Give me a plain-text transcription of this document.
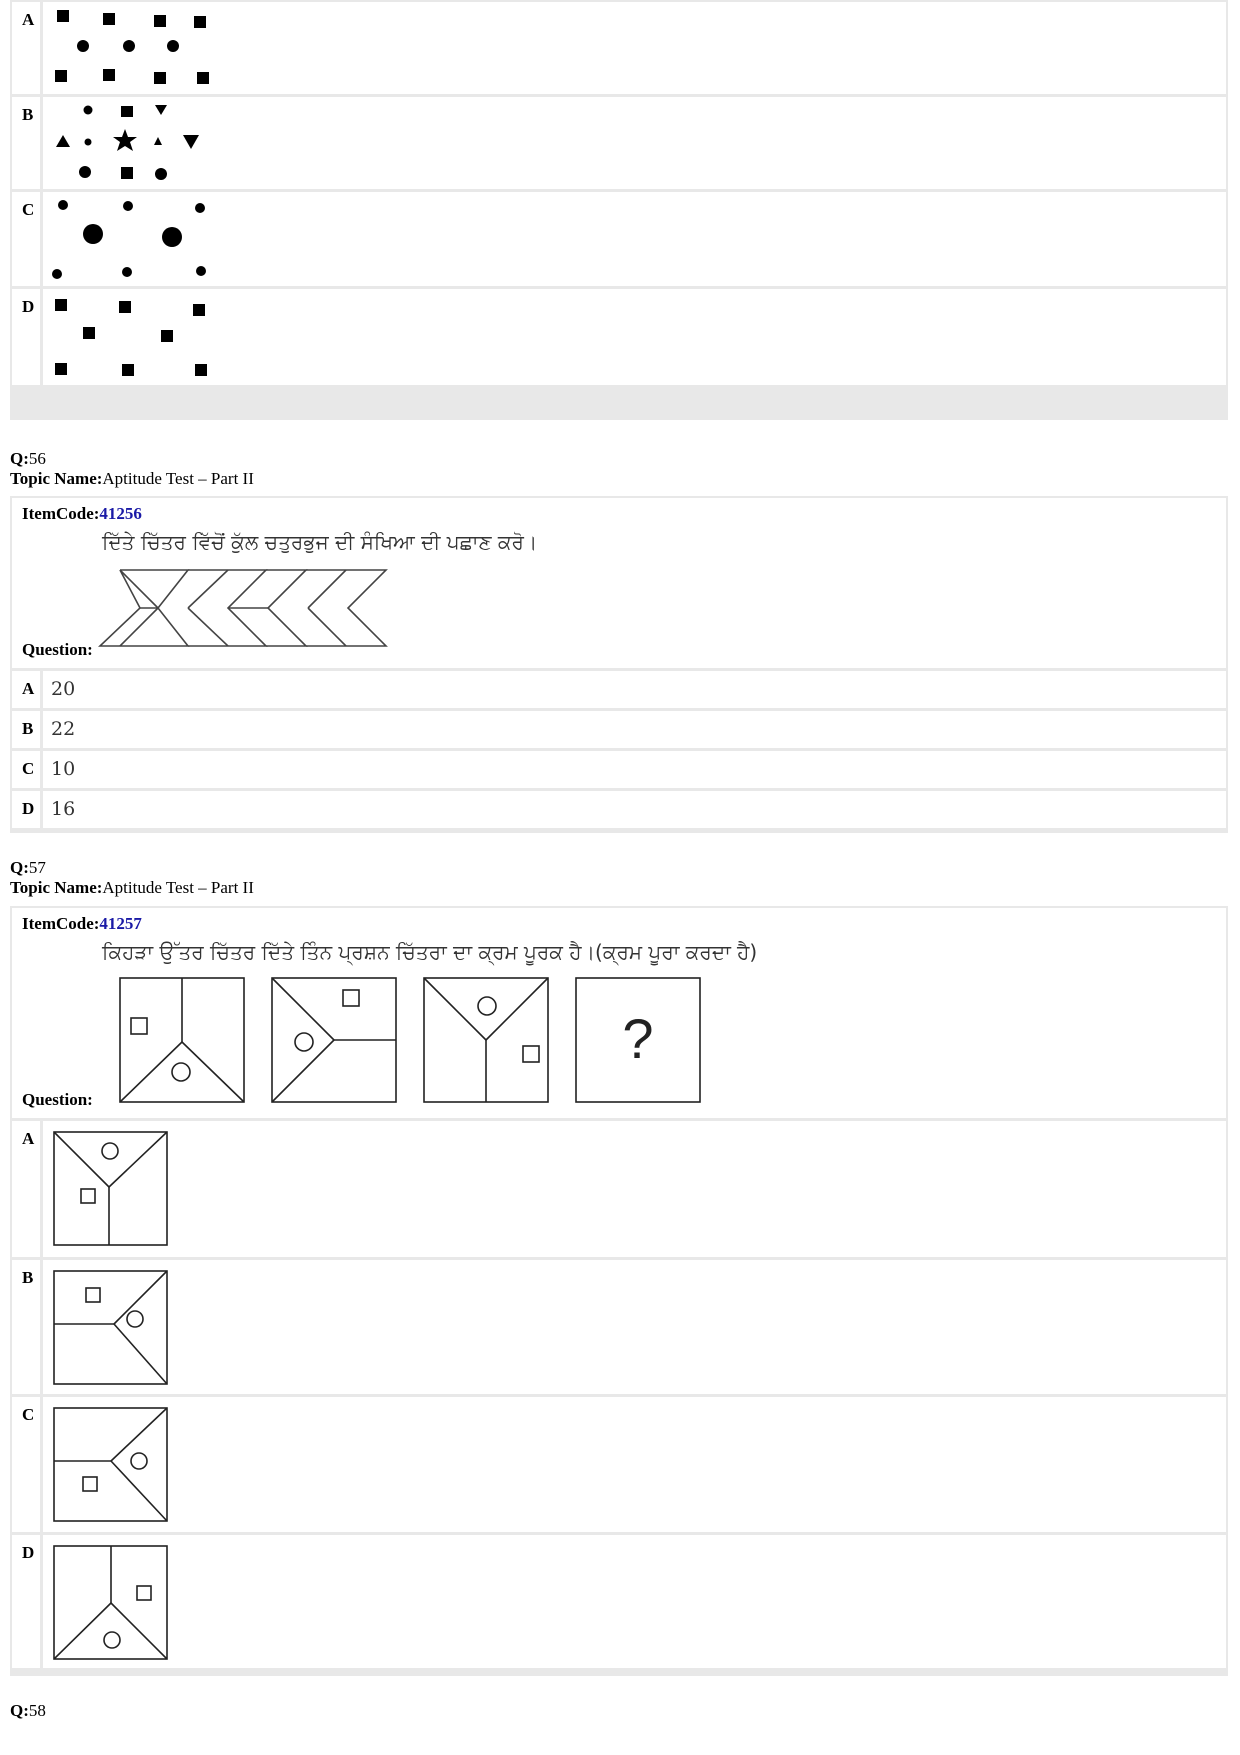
A
B
C
D
Q:56
Topic Name:Aptitude Test – Part II
ItemCode:41256
ਦਿੱਤੇ ਚਿੱਤਰ ਵਿੱਚੋਂ ਕੁੱਲ ਚਤੁਰਭੁਜ ਦੀ ਸੰਖਿਆ ਦੀ ਪਛਾਣ ਕਰੋ।
Question:
A 20
B 22
C 10
D 16
Q:57
Topic Name:Aptitude Test – Part II
ItemCode:41257
ਕਿਹੜਾ ਉੱਤਰ ਚਿੱਤਰ ਦਿੱਤੇ ਤਿੰਨ ਪ੍ਰਸ਼ਨ ਚਿੱਤਰਾ ਦਾ ਕ੍ਰਮ ਪੂਰਕ ਹੈ।(ਕ੍ਰਮ ਪੂਰਾ ਕਰਦਾ ਹੈ)
?
Question:
A
B
C
D
Q:58
